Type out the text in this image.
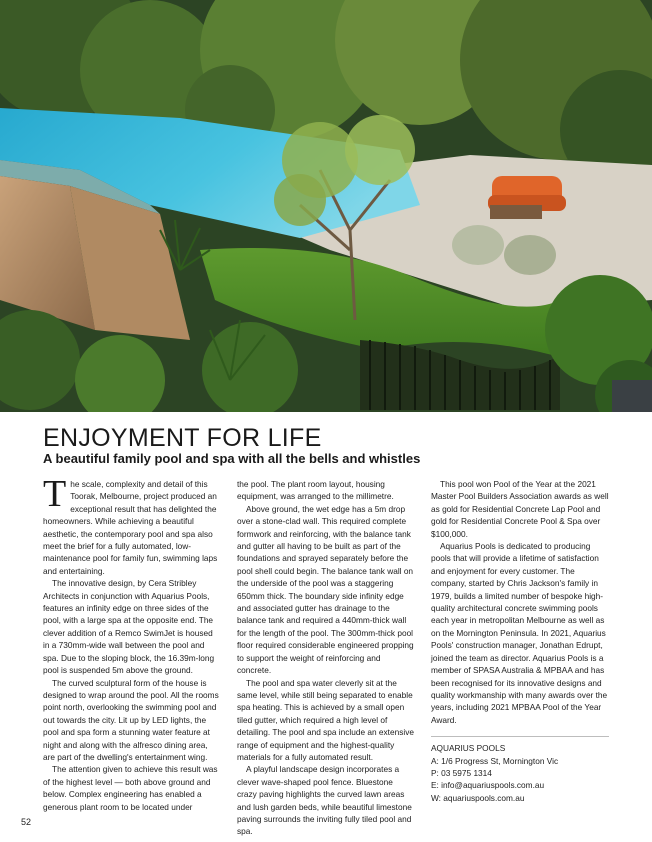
ENJOYMENT FOR LIFE
A beautiful family pool and spa with all the bells and whistles

The scale, complexity and detail of this Toorak, Melbourne, project produced an exceptional result that has delighted the homeowners. While achieving a beautiful aesthetic, the contemporary pool and spa also meet the brief for a fully automated, low-maintenance pool for family fun, swimming laps and entertaining.

The innovative design, by Cera Stribley Architects in conjunction with Aquarius Pools, features an infinity edge on three sides of the pool, with a large spa at the opposite end. The clever addition of a Remco SwimJet is housed in a 730mm-wide wall between the pool and spa. Due to the sloping block, the 16.39m-long pool is suspended 5m above the ground.

The curved sculptural form of the house is designed to wrap around the pool. All the rooms point north, overlooking the swimming pool and out towards the city. Lit up by LED lights, the pool and spa form a stunning water feature at night and along with the alfresco dining area, are part of the dwelling's entertainment wing.

The attention given to achieve this result was of the highest level — both above ground and below. Complex engineering has enabled a generous plant room to be located under

the pool. The plant room layout, housing equipment, was arranged to the millimetre.

Above ground, the wet edge has a 5m drop over a stone-clad wall. This required complete formwork and reinforcing, with the balance tank and gutter all having to be built as part of the foundations and sprayed separately before the pool shell could begin. The balance tank wall on the underside of the pool was a staggering 650mm thick. The boundary side infinity edge and associated gutter has drainage to the balance tank and required a 440mm-thick wall for the length of the pool. The 300mm-thick pool floor required considerable engineered propping to support the weight of reinforcing and concrete.

The pool and spa water cleverly sit at the same level, while still being separated to enable spa heating. This is achieved by a small open tiled gutter, which required a high level of detailing. The pool and spa include an extensive range of equipment and the highest-quality materials for a fully automated result.

A playful landscape design incorporates a clever wave-shaped pool fence. Bluestone crazy paving highlights the curved lawn areas and lush garden beds, while beautiful limestone paving surrounds the inviting fully tiled pool and spa.

This pool won Pool of the Year at the 2021 Master Pool Builders Association awards as well as gold for Residential Concrete Lap Pool and gold for Residential Concrete Pool & Spa over $100,000.

Aquarius Pools is dedicated to producing pools that will provide a lifetime of satisfaction and enjoyment for every customer. The company, started by Chris Jackson's family in 1979, builds a limited number of bespoke high-quality architectural concrete swimming pools each year in metropolitan Melbourne as well as on the Mornington Peninsula. In 2021, Aquarius Pools' construction manager, Jonathan Edrupt, joined the team as director. Aquarius Pools is a member of SPASA Australia & MPBAA and has been recognised for its innovative designs and quality workmanship with many awards over the years, including 2021 MPBAA Pool of the Year Award.

AQUARIUS POOLS
A: 1/6 Progress St, Mornington Vic
P: 03 5975 1314
E: info@aquariuspools.com.au
W: aquariuspools.com.au
52
